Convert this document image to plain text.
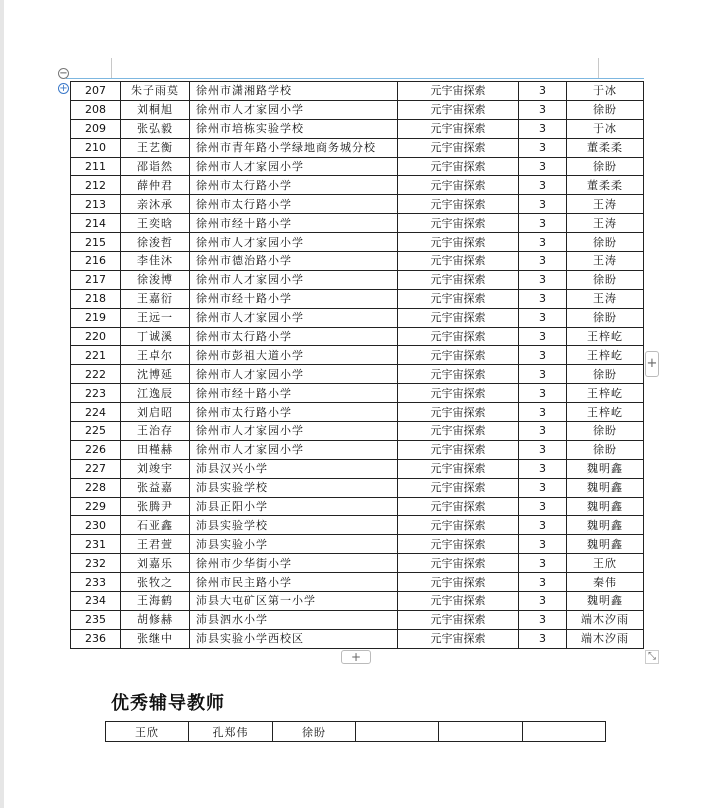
−
+ 207	朱子雨莫	徐州市潇湘路学校	元宇宙探索	3	于冰
208	刘桐旭	徐州市人才家园小学	元宇宙探索	3	徐盼
209	张弘毅	徐州市培栋实验学校	元宇宙探索	3	于冰
210	王艺衡	徐州市青年路小学绿地商务城分校	元宇宙探索	3	董柔柔
211	邵诣然	徐州市人才家园小学	元宇宙探索	3	徐盼
212	薛仲君	徐州市太行路小学	元宇宙探索	3	董柔柔
213	亲沐承	徐州市太行路小学	元宇宙探索	3	王涛
214	王奕晗	徐州市经十路小学	元宇宙探索	3	王涛
215	徐浚哲	徐州市人才家园小学	元宇宙探索	3	徐盼
216	李佳沐	徐州市德治路小学	元宇宙探索	3	王涛
217	徐浚博	徐州市人才家园小学	元宇宙探索	3	徐盼
218	王嘉衍	徐州市经十路小学	元宇宙探索	3	王涛
219	王远一	徐州市人才家园小学	元宇宙探索	3	徐盼
220	丁诚溪	徐州市太行路小学	元宇宙探索	3	王梓屹
221	王卓尔	徐州市彭祖大道小学	元宇宙探索	3	王梓屹
222	沈博延	徐州市人才家园小学	元宇宙探索	3	徐盼
223	江逸辰	徐州市经十路小学	元宇宙探索	3	王梓屹
224	刘启昭	徐州市太行路小学	元宇宙探索	3	王梓屹
225	王治存	徐州市人才家园小学	元宇宙探索	3	徐盼
226	田槿赫	徐州市人才家园小学	元宇宙探索	3	徐盼
227	刘竣宇	沛县汉兴小学	元宇宙探索	3	魏明鑫
228	张益嘉	沛县实验学校	元宇宙探索	3	魏明鑫
229	张腾尹	沛县正阳小学	元宇宙探索	3	魏明鑫
230	石亚鑫	沛县实验学校	元宇宙探索	3	魏明鑫
231	王君萱	沛县实验小学	元宇宙探索	3	魏明鑫
232	刘嘉乐	徐州市少华街小学	元宇宙探索	3	王欣
233	张牧之	徐州市民主路小学	元宇宙探索	3	秦伟
234	王海鹤	沛县大屯矿区第一小学	元宇宙探索	3	魏明鑫
235	胡修赫	沛县泗水小学	元宇宙探索	3	端木汐雨
236	张继中	沛县实验小学西校区	元宇宙探索	3	端木汐雨
+
+	⤡
优秀辅导教师
王欣	孔郑伟	徐盼			
